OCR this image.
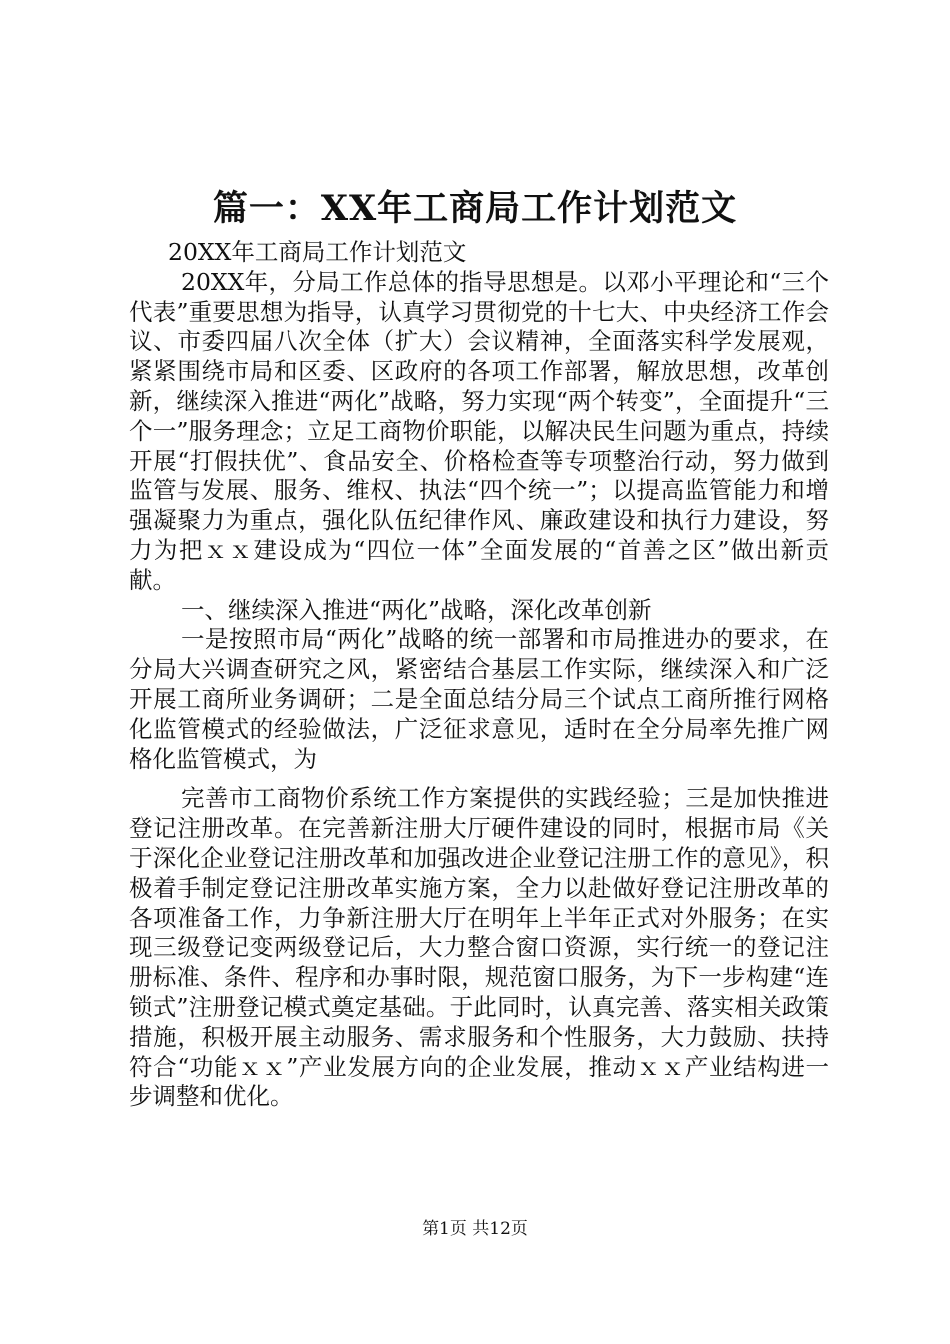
篇一：XX年工商局工作计划范文

20XX年工商局工作计划范文

20XX年，分局工作总体的指导思想是。以邓小平理论和“三个代表”重要思想为指导，认真学习贯彻党的十七大、中央经济工作会议、市委四届八次全体（扩大）会议精神，全面落实科学发展观，紧紧围绕市局和区委、区政府的各项工作部署，解放思想，改革创新，继续深入推进“两化”战略，努力实现“两个转变”，全面提升“三个一”服务理念；立足工商物价职能，以解决民生问题为重点，持续开展“打假扶优”、食品安全、价格检查等专项整治行动，努力做到监管与发展、服务、维权、执法“四个统一”；以提高监管能力和增强凝聚力为重点，强化队伍纪律作风、廉政建设和执行力建设，努力为把ｘｘ建设成为“四位一体”全面发展的“首善之区”做出新贡献。

一、继续深入推进“两化”战略，深化改革创新

一是按照市局“两化”战略的统一部署和市局推进办的要求，在分局大兴调查研究之风，紧密结合基层工作实际，继续深入和广泛开展工商所业务调研；二是全面总结分局三个试点工商所推行网格化监管模式的经验做法，广泛征求意见，适时在全分局率先推广网格化监管模式，为

完善市工商物价系统工作方案提供的实践经验；三是加快推进登记注册改革。在完善新注册大厅硬件建设的同时，根据市局《关于深化企业登记注册改革和加强改进企业登记注册工作的意见》，积极着手制定登记注册改革实施方案，全力以赴做好登记注册改革的各项准备工作，力争新注册大厅在明年上半年正式对外服务；在实现三级登记变两级登记后，大力整合窗口资源，实行统一的登记注册标准、条件、程序和办事时限，规范窗口服务，为下一步构建“连锁式”注册登记模式奠定基础。于此同时，认真完善、落实相关政策措施，积极开展主动服务、需求服务和个性服务，大力鼓励、扶持符合“功能ｘｘ”产业发展方向的企业发展，推动ｘｘ产业结构进一步调整和优化。

第1页 共12页
